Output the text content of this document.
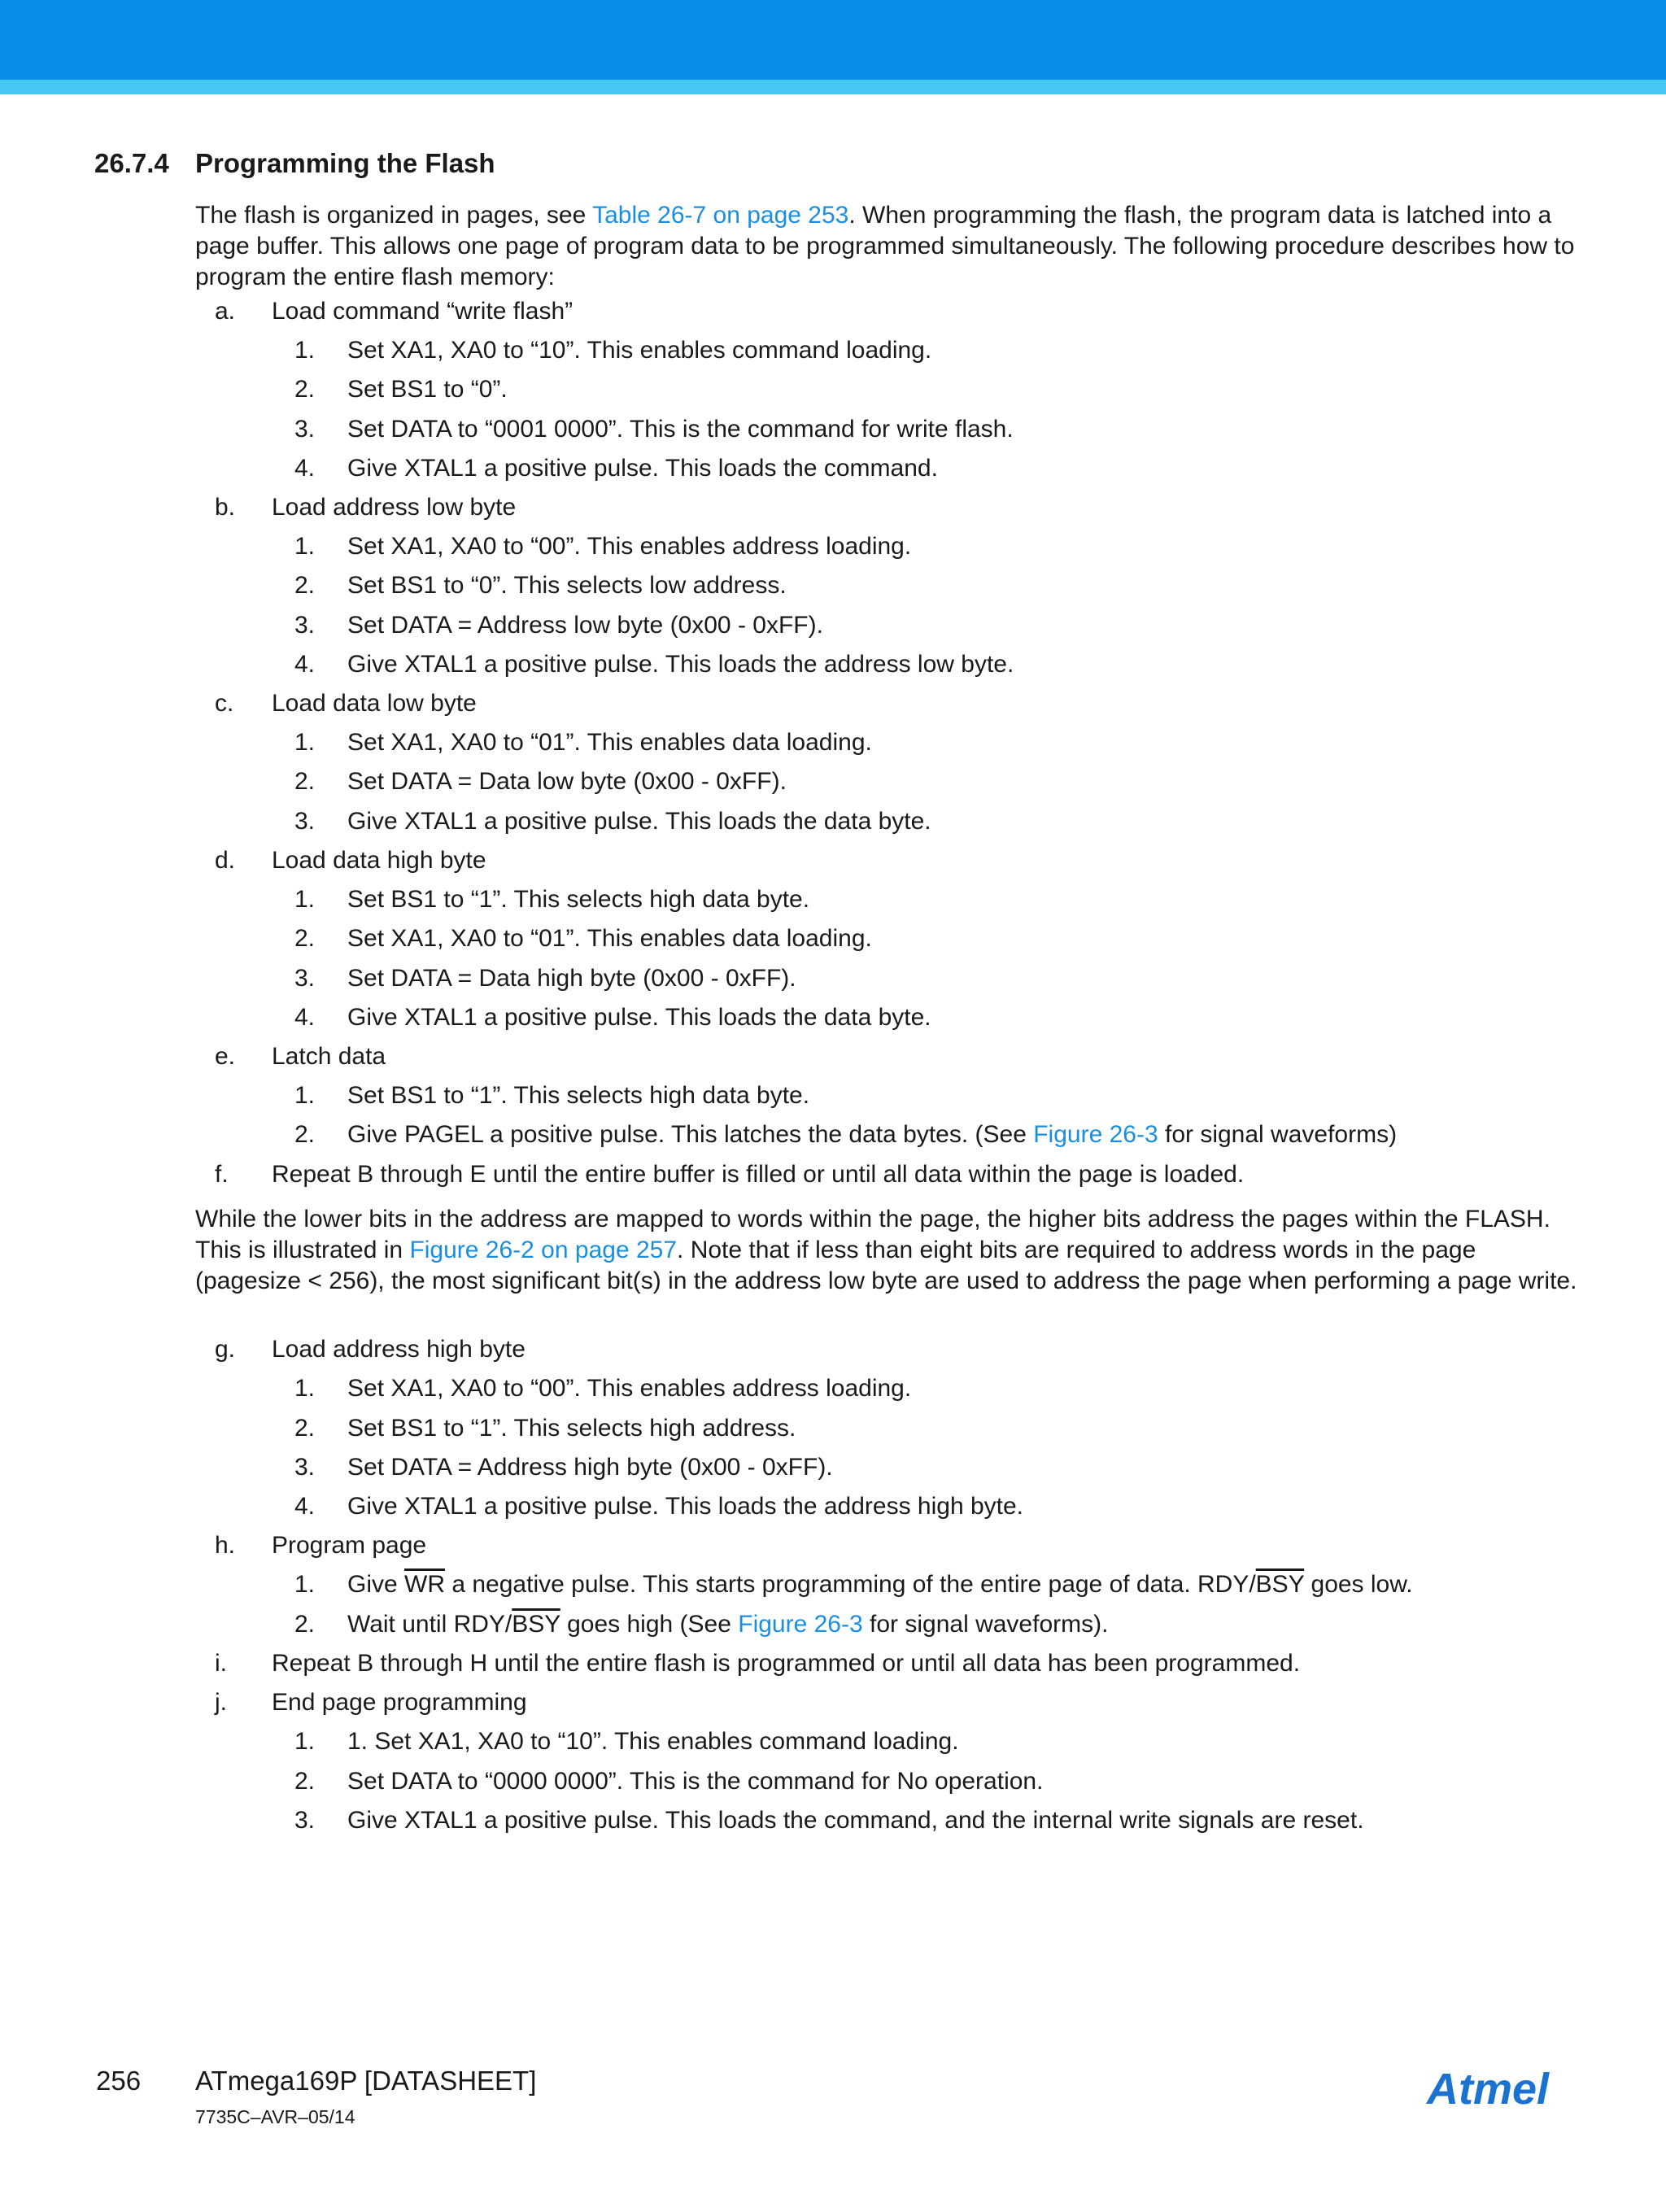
26.7.4 Programming the Flash

The flash is organized in pages, see Table 26-7 on page 253. When programming the flash, the program data is latched into a page buffer. This allows one page of program data to be programmed simultaneously. The following procedure describes how to program the entire flash memory:

a. Load command “write flash”
1. Set XA1, XA0 to “10”. This enables command loading.
2. Set BS1 to “0”.
3. Set DATA to “0001 0000”. This is the command for write flash.
4. Give XTAL1 a positive pulse. This loads the command.
b. Load address low byte
1. Set XA1, XA0 to “00”. This enables address loading.
2. Set BS1 to “0”. This selects low address.
3. Set DATA = Address low byte (0x00 - 0xFF).
4. Give XTAL1 a positive pulse. This loads the address low byte.
c. Load data low byte
1. Set XA1, XA0 to “01”. This enables data loading.
2. Set DATA = Data low byte (0x00 - 0xFF).
3. Give XTAL1 a positive pulse. This loads the data byte.
d. Load data high byte
1. Set BS1 to “1”. This selects high data byte.
2. Set XA1, XA0 to “01”. This enables data loading.
3. Set DATA = Data high byte (0x00 - 0xFF).
4. Give XTAL1 a positive pulse. This loads the data byte.
e. Latch data
1. Set BS1 to “1”. This selects high data byte.
2. Give PAGEL a positive pulse. This latches the data bytes. (See Figure 26-3 for signal waveforms)
f. Repeat B through E until the entire buffer is filled or until all data within the page is loaded.

While the lower bits in the address are mapped to words within the page, the higher bits address the pages within the FLASH. This is illustrated in Figure 26-2 on page 257. Note that if less than eight bits are required to address words in the page (pagesize < 256), the most significant bit(s) in the address low byte are used to address the page when performing a page write.

g. Load address high byte
1. Set XA1, XA0 to “00”. This enables address loading.
2. Set BS1 to “1”. This selects high address.
3. Set DATA = Address high byte (0x00 - 0xFF).
4. Give XTAL1 a positive pulse. This loads the address high byte.
h. Program page
1. Give $\overline{WR}$ a negative pulse. This starts programming of the entire page of data. RDY/$\overline{BSY}$ goes low.
2. Wait until RDY/$\overline{BSY}$ goes high (See Figure 26-3 for signal waveforms).
i. Repeat B through H until the entire flash is programmed or until all data has been programmed.
j. End page programming
1. 1. Set XA1, XA0 to “10”. This enables command loading.
2. Set DATA to “0000 0000”. This is the command for No operation.
3. Give XTAL1 a positive pulse. This loads the command, and the internal write signals are reset.
256 ATmega169P [DATASHEET]
7735C–AVR–05/14
Atmel
